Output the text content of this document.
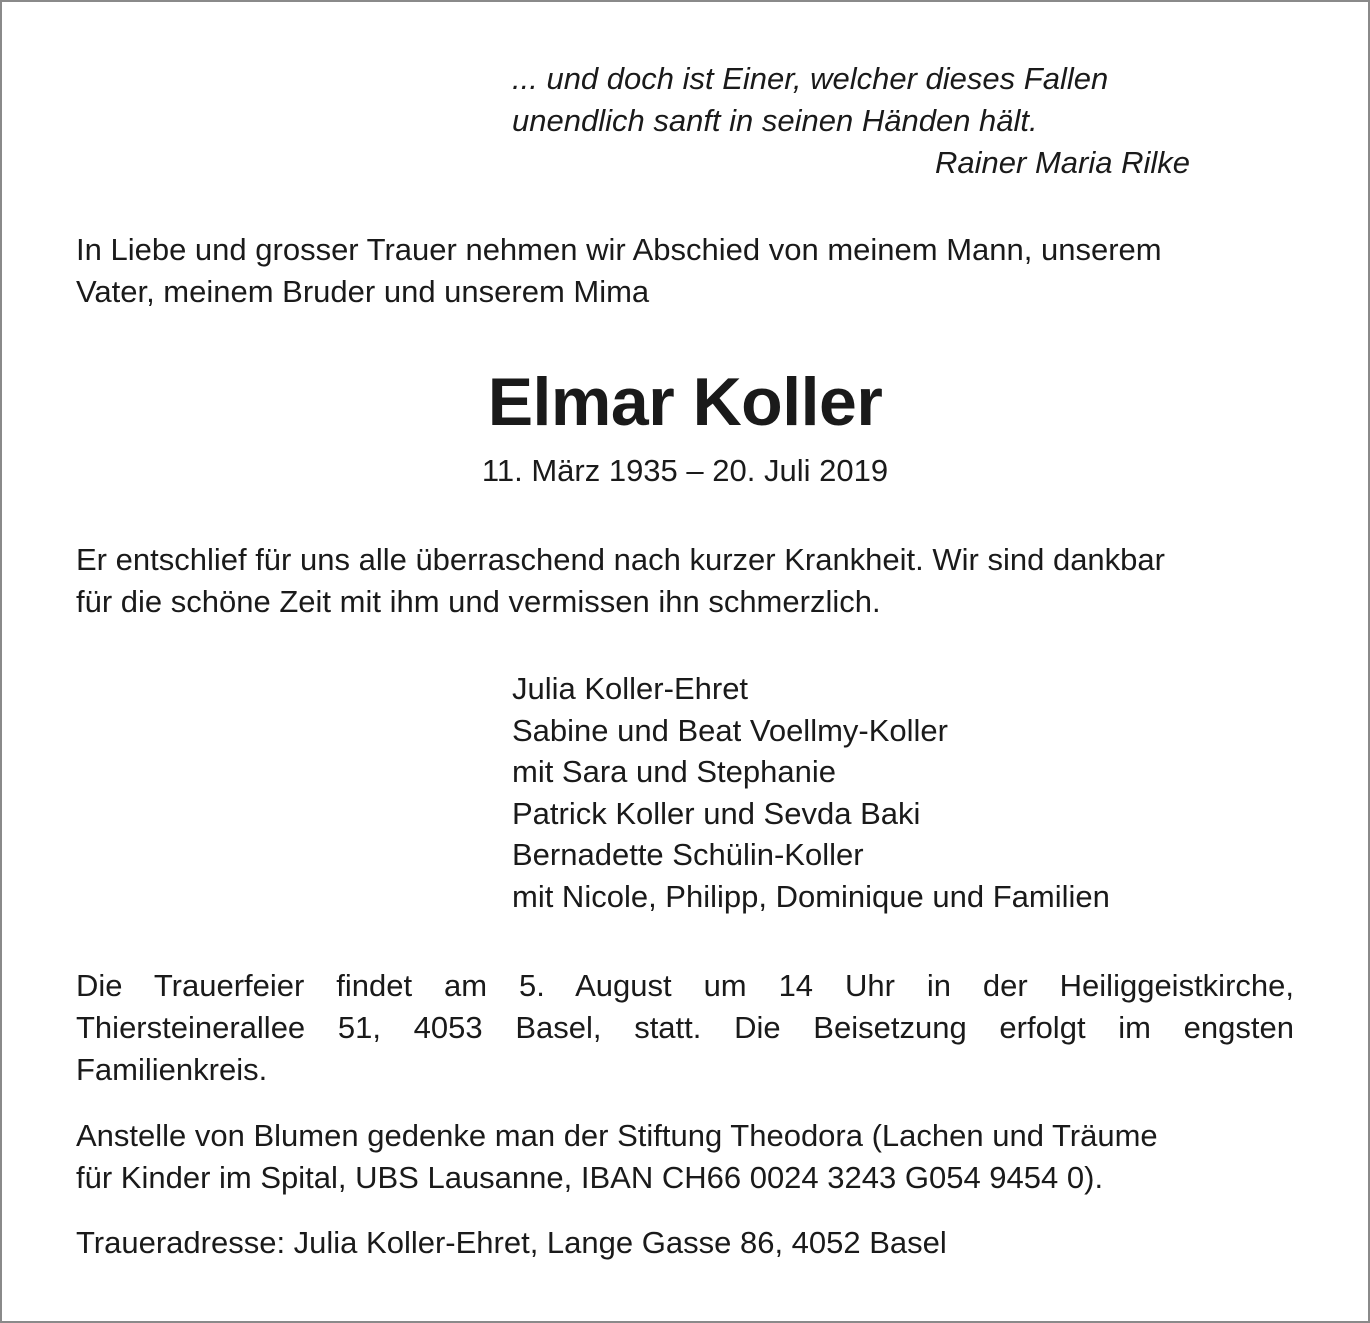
... und doch ist Einer, welcher dieses Fallen
unendlich sanft in seinen Händen hält.
Rainer Maria Rilke
In Liebe und grosser Trauer nehmen wir Abschied von meinem Mann, unserem
Vater, meinem Bruder und unserem Mima
Elmar Koller
11. März 1935 – 20. Juli 2019
Er entschlief für uns alle überraschend nach kurzer Krankheit. Wir sind dankbar
für die schöne Zeit mit ihm und vermissen ihn schmerzlich.
Julia Koller-Ehret
Sabine und Beat Voellmy-Koller
mit Sara und Stephanie
Patrick Koller und Sevda Baki
Bernadette Schülin-Koller
mit Nicole, Philipp, Dominique und Familien
Die Trauerfeier findet am 5. August um 14 Uhr in der Heiliggeistkirche,
Thiersteinerallee 51, 4053 Basel, statt. Die Beisetzung erfolgt im engsten
Familienkreis.
Anstelle von Blumen gedenke man der Stiftung Theodora (Lachen und Träume
für Kinder im Spital, UBS Lausanne, IBAN CH66 0024 3243 G054 9454 0).
Traueradresse: Julia Koller-Ehret, Lange Gasse 86, 4052 Basel
